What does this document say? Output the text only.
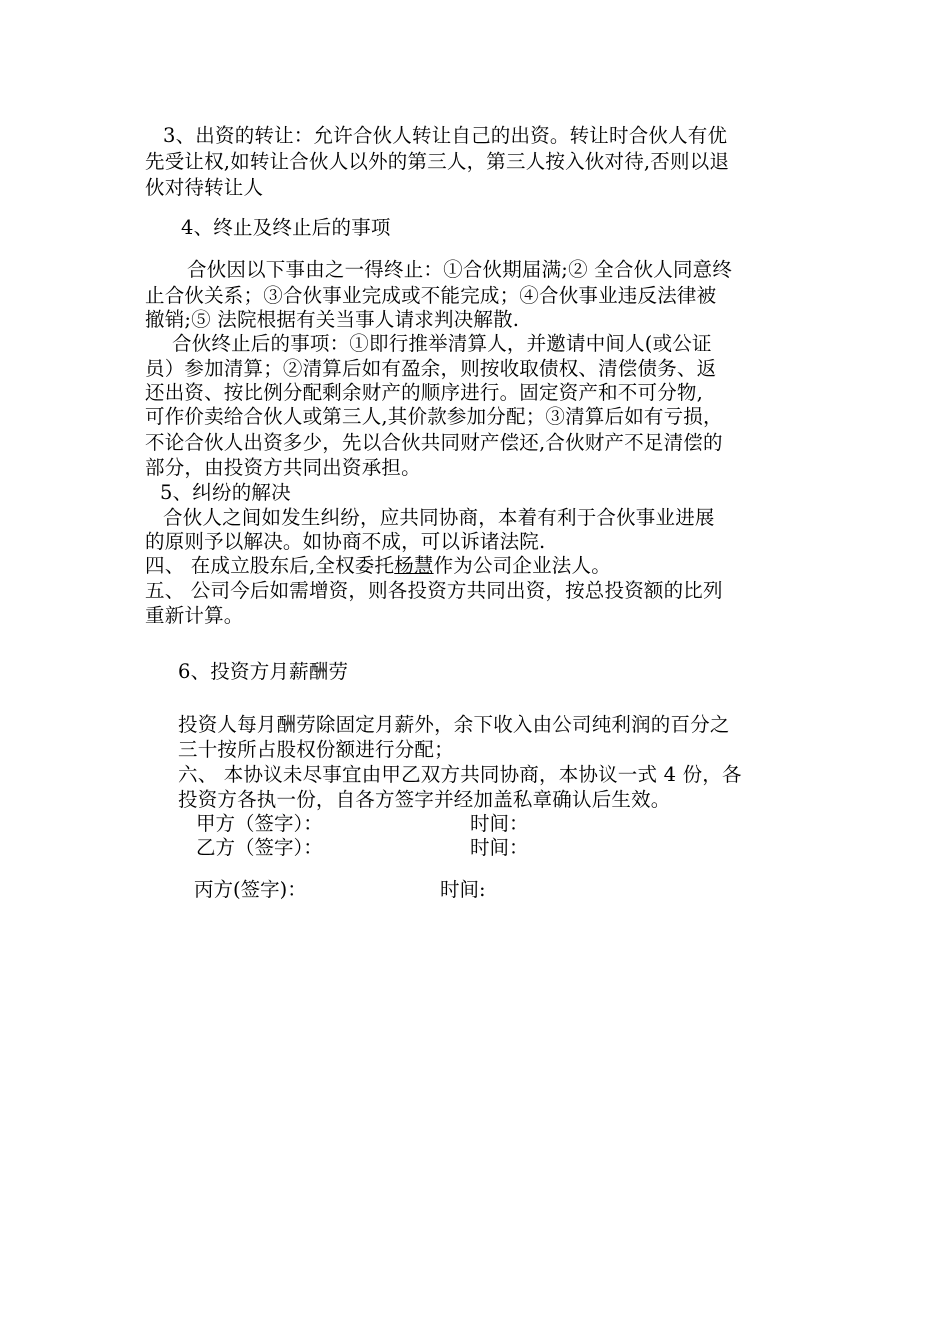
3、出资的转让：允许合伙人转让自己的出资。转让时合伙人有优
先受让权,如转让合伙人以外的第三人，第三人按入伙对待,否则以退
伙对待转让人
4、终止及终止后的事项
合伙因以下事由之一得终止：①合伙期届满;② 全合伙人同意终
止合伙关系；③合伙事业完成或不能完成；④合伙事业违反法律被
撤销;⑤ 法院根据有关当事人请求判决解散.
合伙终止后的事项：①即行推举清算人，并邀请中间人(或公证
员）参加清算；②清算后如有盈余，则按收取债权、清偿债务、返
还出资、按比例分配剩余财产的顺序进行。固定资产和不可分物,
可作价卖给合伙人或第三人,其价款参加分配；③清算后如有亏损，
不论合伙人出资多少，先以合伙共同财产偿还,合伙财产不足清偿的
部分，由投资方共同出资承担。
5、纠纷的解决
合伙人之间如发生纠纷，应共同协商，本着有利于合伙事业进展
的原则予以解决。如协商不成，可以诉诸法院.
四、 在成立股东后,全权委托杨慧作为公司企业法人。
五、 公司今后如需增资，则各投资方共同出资，按总投资额的比列
重新计算。
6、投资方月薪酬劳
投资人每月酬劳除固定月薪外，余下收入由公司纯利润的百分之
三十按所占股权份额进行分配；
六、 本协议未尽事宜由甲乙双方共同协商，本协议一式 4 份，各
投资方各执一份，自各方签字并经加盖私章确认后生效。
甲方（签字）：	时间：
乙方（签字）：	时间：
丙方(签字)：	时间:
